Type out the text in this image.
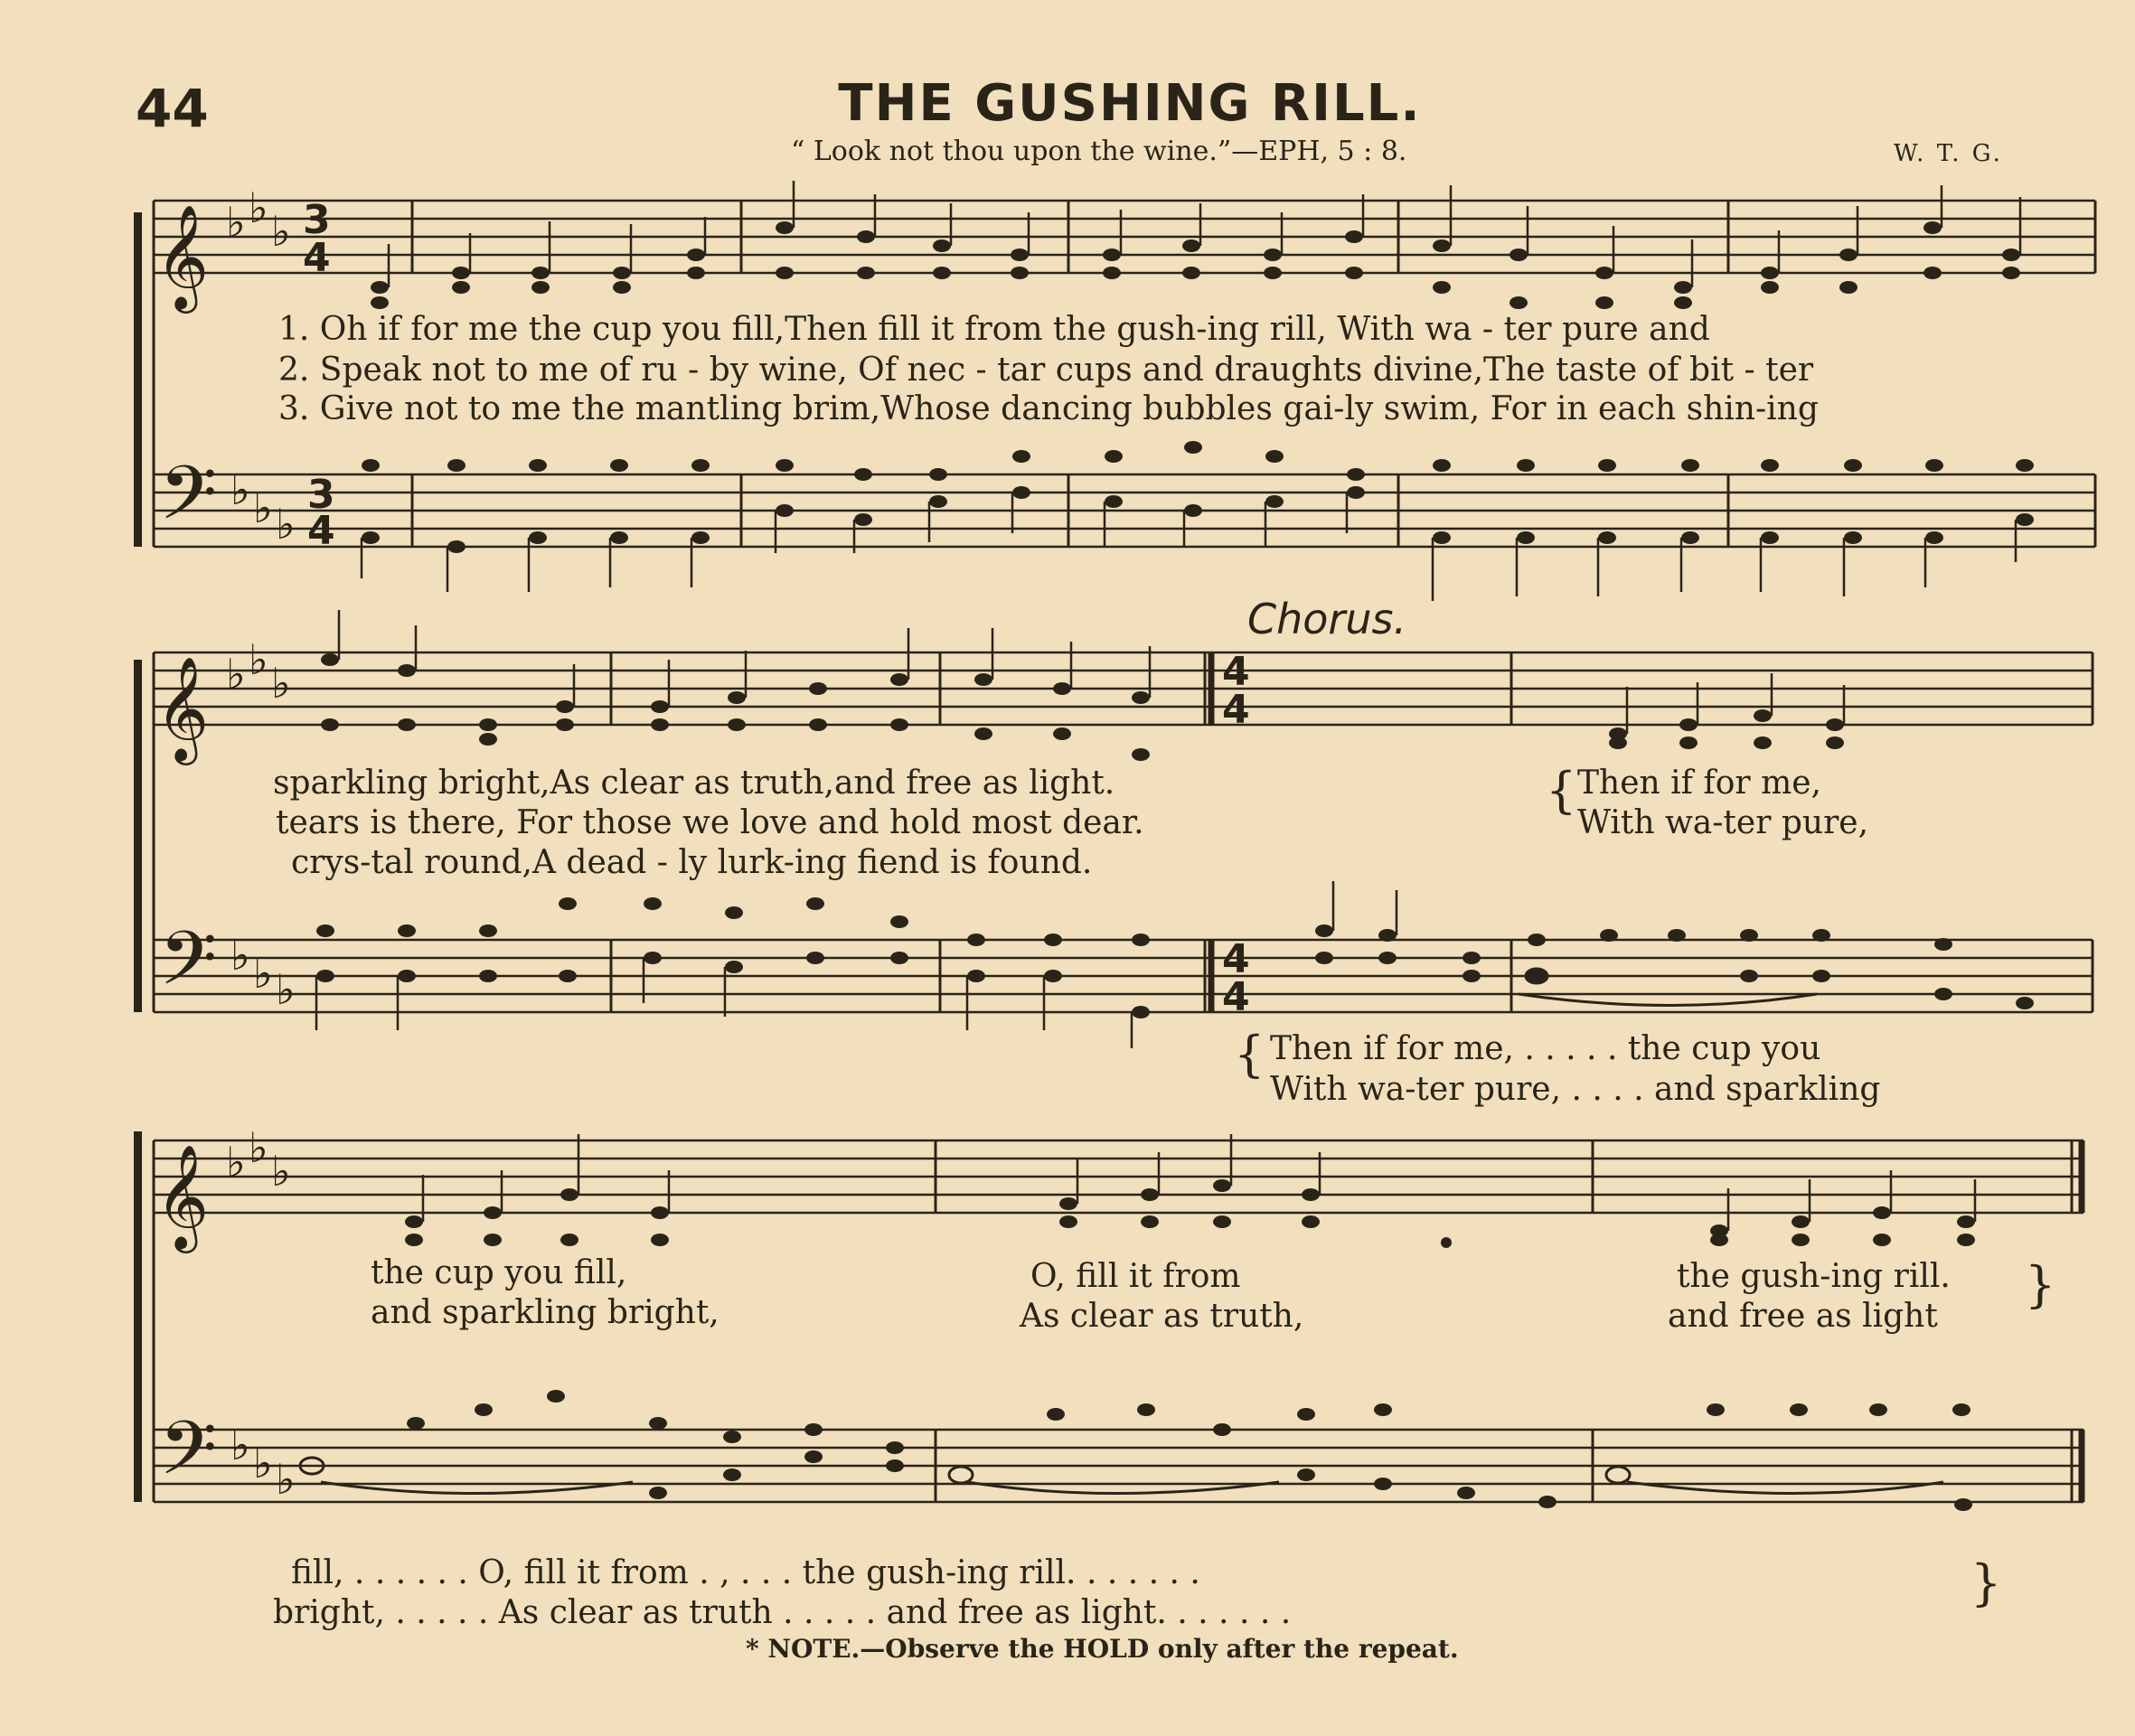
44	THE GUSHING RILL.
“ Look not thou upon the wine.”—EPH, 5 : 8.	W. T. G.
𝄞 ♭ ♭ ♭ 3
4
𝄢 ♭ ♭ ♭
3
4
𝄞 ♭ ♭ ♭
𝄢 ♭ ♭ ♭
4
4
4
4
𝄞 ♭ ♭ ♭
𝄢 ♭ ♭ ♭
Chorus.
1. Oh if for me the cup you fill,Then fill it from the gush-ing rill, With wa - ter pure and
2. Speak not to me of ru - by wine, Of nec - tar cups and draughts divine,The taste of bit - ter
3. Give not to me the mantling brim,Whose dancing bubbles gai-ly swim, For in each shin-ing
sparkling bright,As clear as truth,and free as light.
tears is there, For those we love and hold most dear.
crys-tal round,A dead - ly lurk-ing fiend is found.
{ Then if for me,
With wa-ter pure,
{ Then if for me, . . . . . the cup you
With wa-ter pure, . . . . and sparkling
the cup you fill,
and sparkling bright,
O, fill it from
As clear as truth,
the gush-ing rill.
and free as light
}
fill, . . . . . . O, fill it from . , . . . the gush-ing rill. . . . . . .
bright, . . . . . As clear as truth . . . . . and free as light. . . . . . .
}
* NOTE.—Observe the HOLD only after the repeat.
